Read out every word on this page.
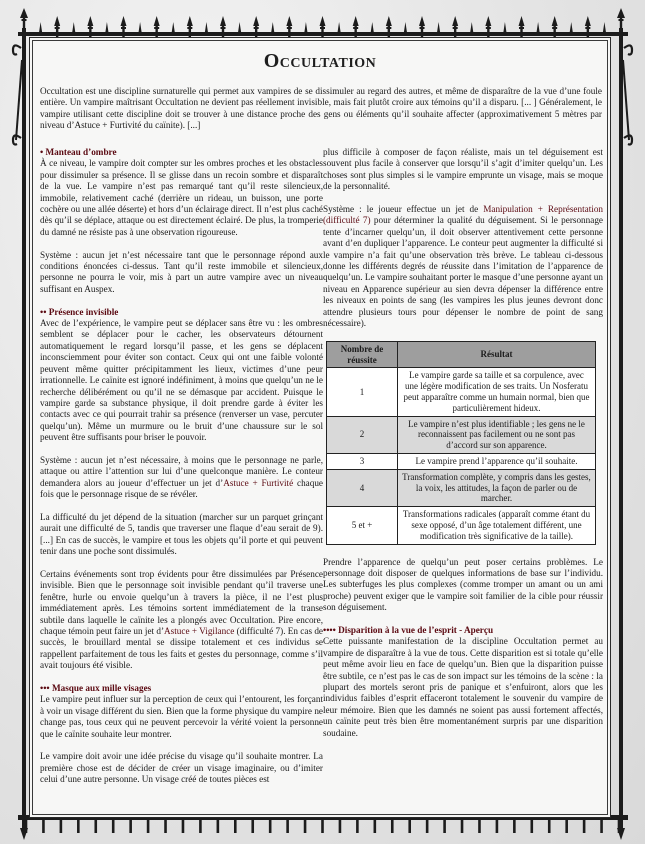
Occultation

Occultation est une discipline surnaturelle qui permet aux vampires de se dissimuler au regard des autres, et même de disparaître de la vue d’une foule entière. Un vampire maîtrisant Occultation ne devient pas réellement invisible, mais fait plutôt croire aux témoins qu’il a disparu. [... ] Généralement, le vampire utilisant cette discipline doit se trouver à une distance proche des gens ou éléments qu’il souhaite affecter (approximativement 5 mètres par niveau d’Astuce + Furtivité du caïnite). [...]

• Manteau d’ombre
À ce niveau, le vampire doit compter sur les ombres proches et les obstacles pour dissimuler sa présence. Il se glisse dans un recoin sombre et disparaît de la vue. Le vampire n’est pas remarqué tant qu’il reste silencieux, immobile, relativement caché (derrière un rideau, un buisson, une porte cochère ou une allée déserte) et hors d’un éclairage direct. Il n’est plus caché dès qu’il se déplace, attaque ou est directement éclairé. De plus, la tromperie du damné ne résiste pas à une observation rigoureuse.

Système : aucun jet n’est nécessaire tant que le personnage répond aux conditions énoncées ci-dessus. Tant qu’il reste immobile et silencieux, personne ne pourra le voir, mis à part un autre vampire avec un niveau suffisant en Auspex.

•• Présence invisible
Avec de l’expérience, le vampire peut se déplacer sans être vu : les ombres semblent se déplacer pour le cacher, les observateurs détournent automatiquement le regard lorsqu’il passe, et les gens se déplacent inconsciemment pour éviter son contact. Ceux qui ont une faible volonté peuvent même quitter précipitamment les lieux, victimes d’une peur irrationnelle. Le caïnite est ignoré indéfiniment, à moins que quelqu’un ne le recherche délibérément ou qu’il ne se démasque par accident. Puisque le vampire garde sa substance physique, il doit prendre garde à éviter les contacts avec ce qui pourrait trahir sa présence (renverser un vase, percuter quelqu’un). Même un murmure ou le bruit d’une chaussure sur le sol peuvent être suffisants pour briser le pouvoir.

Système : aucun jet n’est nécessaire, à moins que le personnage ne parle, attaque ou attire l’attention sur lui d’une quelconque manière. Le conteur demandera alors au joueur d’effectuer un jet d’Astuce + Furtivité chaque fois que le personnage risque de se révéler.

La difficulté du jet dépend de la situation (marcher sur un parquet grinçant aurait une difficulté de 5, tandis que traverser une flaque d’eau serait de 9). [...] En cas de succès, le vampire et tous les objets qu’il porte et qui peuvent tenir dans une poche sont dissimulés.

Certains événements sont trop évidents pour être dissimulées par Présence invisible. Bien que le personnage soit invisible pendant qu’il traverse une fenêtre, hurle ou envoie quelqu’un à travers la pièce, il ne l’est plus immédiatement après. Les témoins sortent immédiatement de la transe subtile dans laquelle le caïnite les a plongés avec Occultation. Pire encore, chaque témoin peut faire un jet d’Astuce + Vigilance (difficulté 7). En cas de succès, le brouillard mental se dissipe totalement et ces individus se rappellent parfaitement de tous les faits et gestes du personnage, comme s’il avait toujours été visible.

••• Masque aux mille visages
Le vampire peut influer sur la perception de ceux qui l’entourent, les forçant à voir un visage différent du sien. Bien que la forme physique du vampire ne change pas, tous ceux qui ne peuvent percevoir la vérité voient la personne que le caïnite souhaite leur montrer.

Le vampire doit avoir une idée précise du visage qu’il souhaite montrer. La première chose est de décider de créer un visage imaginaire, ou d’imiter celui d’une autre personne. Un visage créé de toutes pièces est

plus difficile à composer de façon réaliste, mais un tel déguisement est souvent plus facile à conserver que lorsqu’il s’agit d’imiter quelqu’un. Les choses sont plus simples si le vampire emprunte un visage, mais se moque de la personnalité.

Système : le joueur effectue un jet de Manipulation + Représentation (difficulté 7) pour déterminer la qualité du déguisement. Si le personnage tente d’incarner quelqu’un, il doit observer attentivement cette personne avant d’en dupliquer l’apparence. Le conteur peut augmenter la difficulté si le vampire n’a fait qu’une observation très brève. Le tableau ci-dessous donne les différents degrés de réussite dans l’imitation de l’apparence de quelqu’un. Le vampire souhaitant porter le masque d’une personne ayant un niveau en Apparence supérieur au sien devra dépenser la différence entre les niveaux en points de sang (les vampires les plus jeunes devront donc attendre plusieurs tours pour dépenser le nombre de point de sang nécessaire).

Nombre de réussite	Résultat
1	Le vampire garde sa taille et sa corpulence, avec une légère modification de ses traits. Un Nosferatu peut apparaître comme un humain normal, bien que particulièrement hideux.
2	Le vampire n’est plus identifiable ; les gens ne le reconnaissent pas facilement ou ne sont pas d’accord sur son apparence.
3	Le vampire prend l’apparence qu’il souhaite.
4	Transformation complète, y compris dans les gestes, la voix, les attitudes, la façon de parler ou de marcher.
5 et +	Transformations radicales (apparaît comme étant du sexe opposé, d’un âge totalement différent, une modification très significative de la taille).

Prendre l’apparence de quelqu’un peut poser certains problèmes. Le personnage doit disposer de quelques informations de base sur l’individu. Les subterfuges les plus complexes (comme tromper un amant ou un ami proche) peuvent exiger que le vampire soit familier de la cible pour réussir son déguisement.

•••• Disparition à la vue de l’esprit - Aperçu
Cette puissante manifestation de la discipline Occultation permet au vampire de disparaître à la vue de tous. Cette disparition est si totale qu’elle peut même avoir lieu en face de quelqu’un. Bien que la disparition puisse être subtile, ce n’est pas le cas de son impact sur les témoins de la scène : la plupart des mortels seront pris de panique et s’enfuiront, alors que les individus faibles d’esprit effaceront totalement le souvenir du vampire de leur mémoire. Bien que les damnés ne soient pas aussi fortement affectés, un caïnite peut très bien être momentanément surpris par une disparition soudaine.
